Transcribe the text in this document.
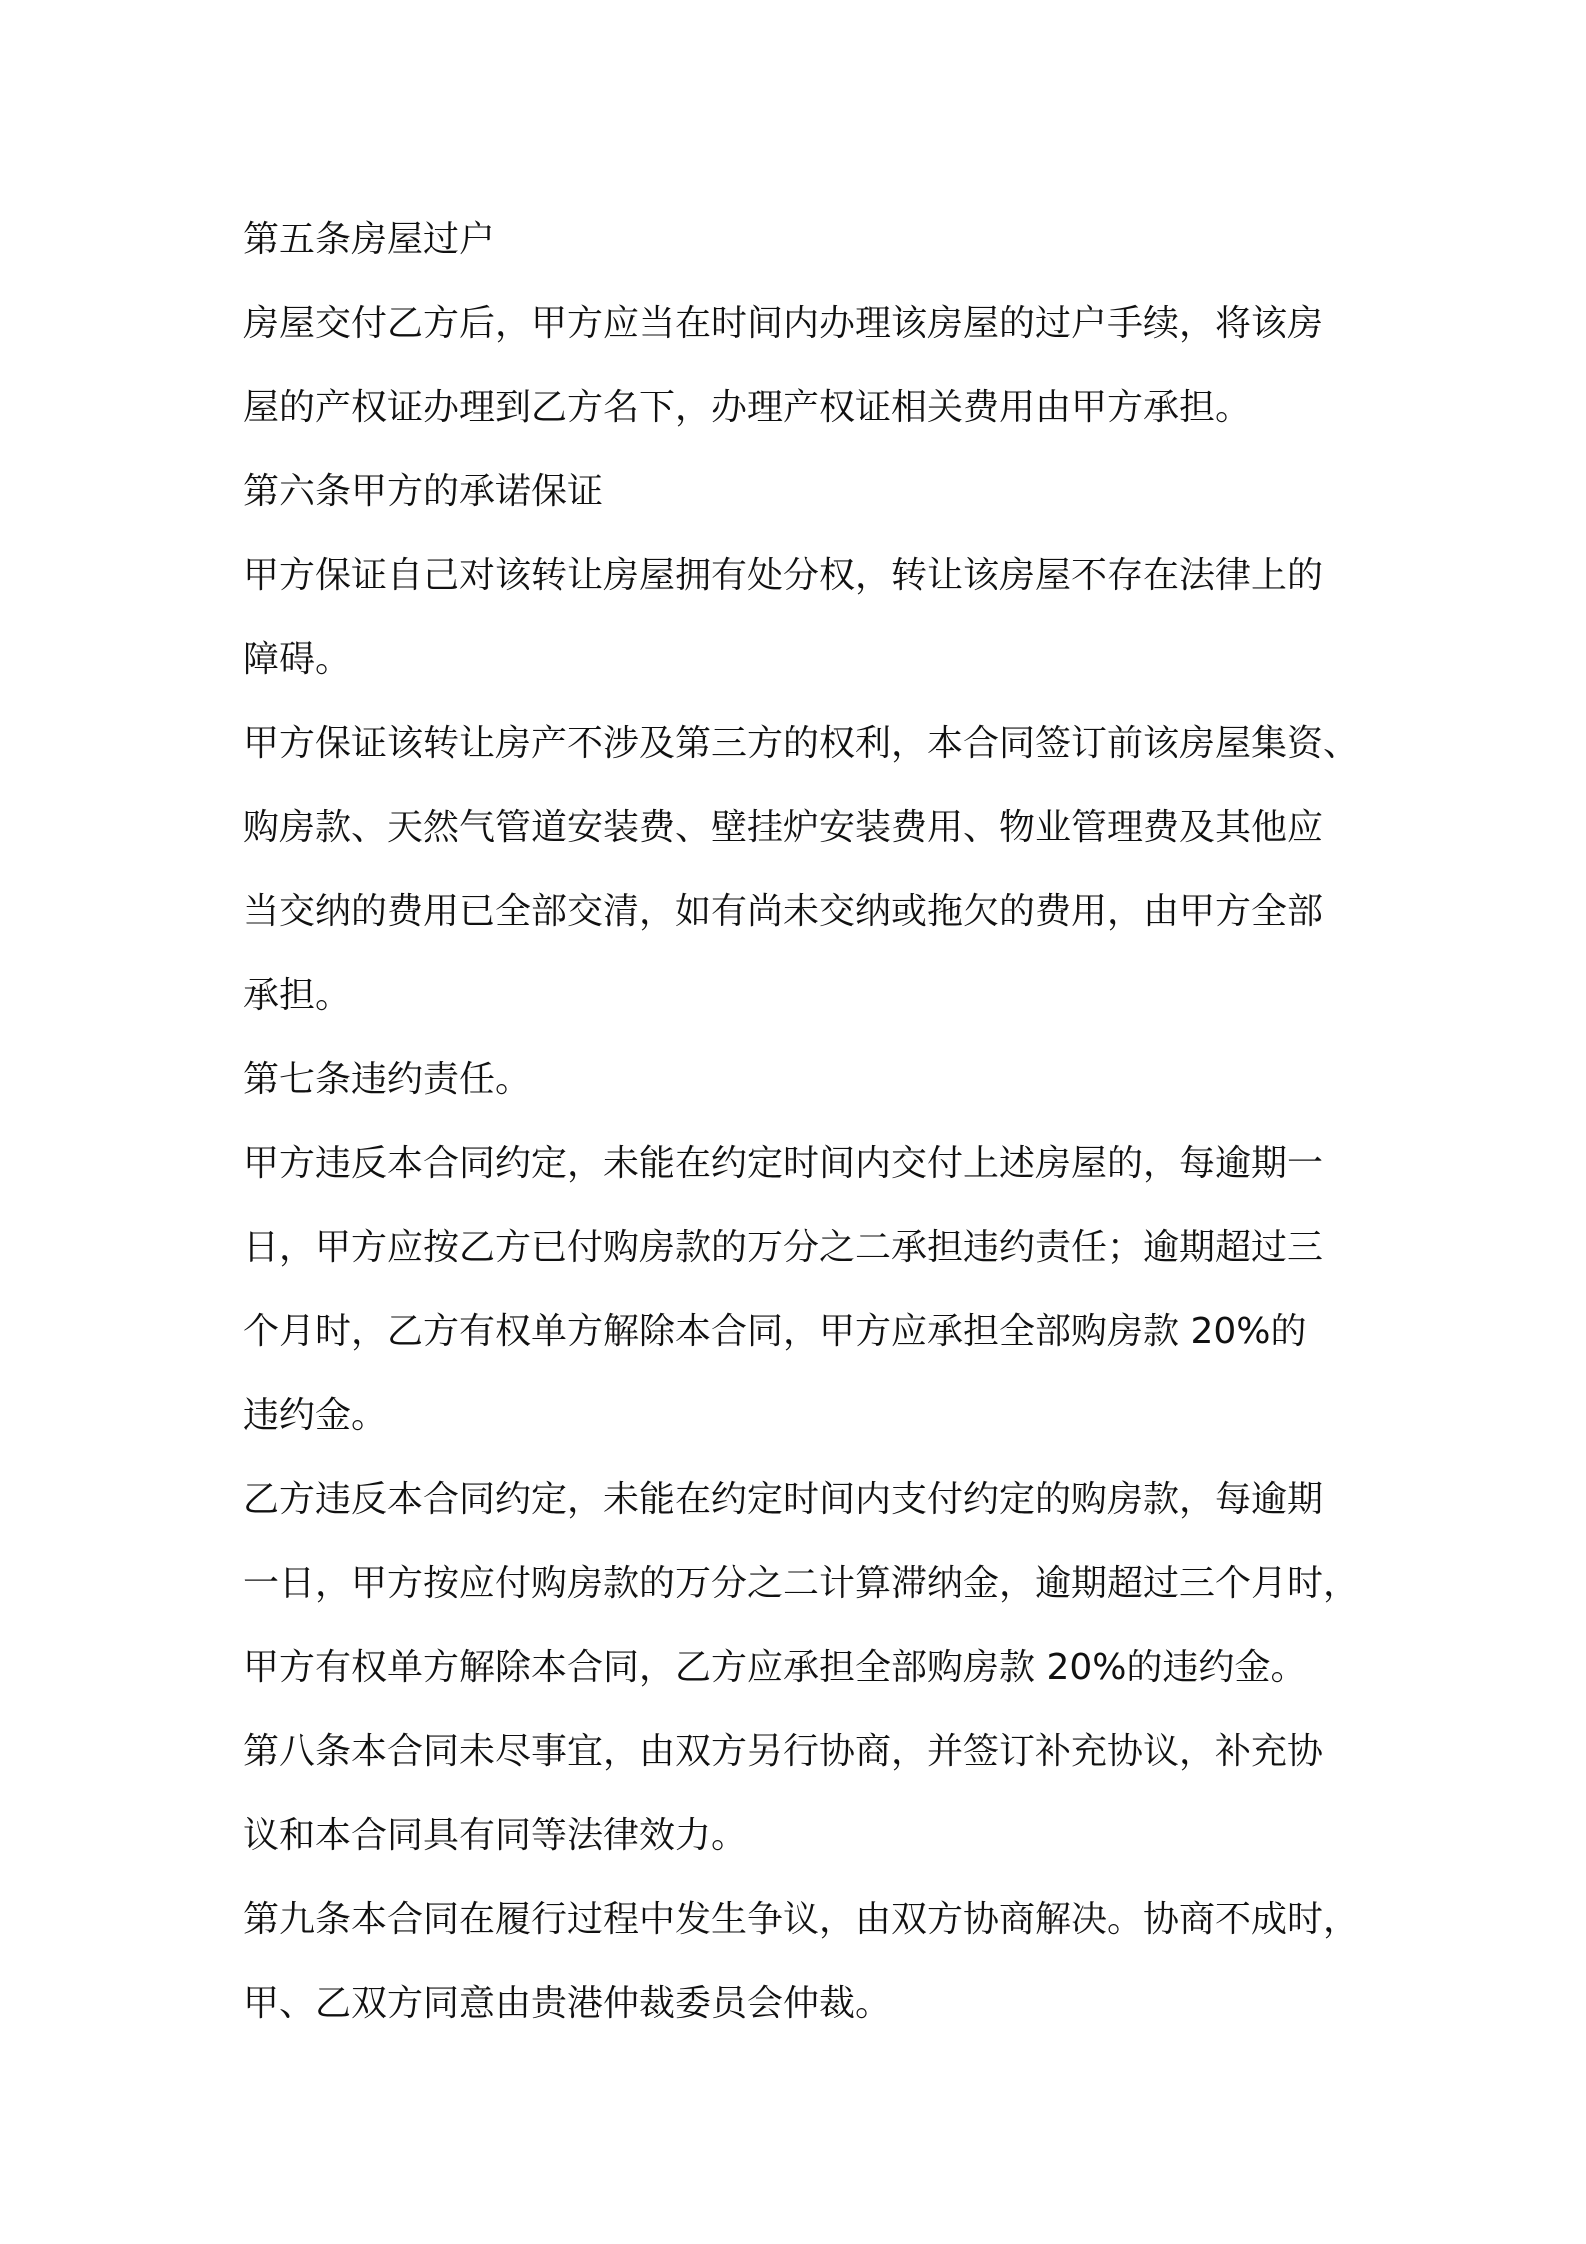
第五条房屋过户
房屋交付乙方后，甲方应当在时间内办理该房屋的过户手续，将该房
屋的产权证办理到乙方名下，办理产权证相关费用由甲方承担。
第六条甲方的承诺保证
甲方保证自己对该转让房屋拥有处分权，转让该房屋不存在法律上的
障碍。
甲方保证该转让房产不涉及第三方的权利，本合同签订前该房屋集资、
购房款、天然气管道安装费、壁挂炉安装费用、物业管理费及其他应
当交纳的费用已全部交清，如有尚未交纳或拖欠的费用，由甲方全部
承担。
第七条违约责任。
甲方违反本合同约定，未能在约定时间内交付上述房屋的，每逾期一
日，甲方应按乙方已付购房款的万分之二承担违约责任；逾期超过三
个月时，乙方有权单方解除本合同，甲方应承担全部购房款 20%的
违约金。
乙方违反本合同约定，未能在约定时间内支付约定的购房款，每逾期
一日，甲方按应付购房款的万分之二计算滞纳金，逾期超过三个月时，
甲方有权单方解除本合同，乙方应承担全部购房款 20%的违约金。
第八条本合同未尽事宜，由双方另行协商，并签订补充协议，补充协
议和本合同具有同等法律效力。
第九条本合同在履行过程中发生争议，由双方协商解决。协商不成时，
甲、乙双方同意由贵港仲裁委员会仲裁。
